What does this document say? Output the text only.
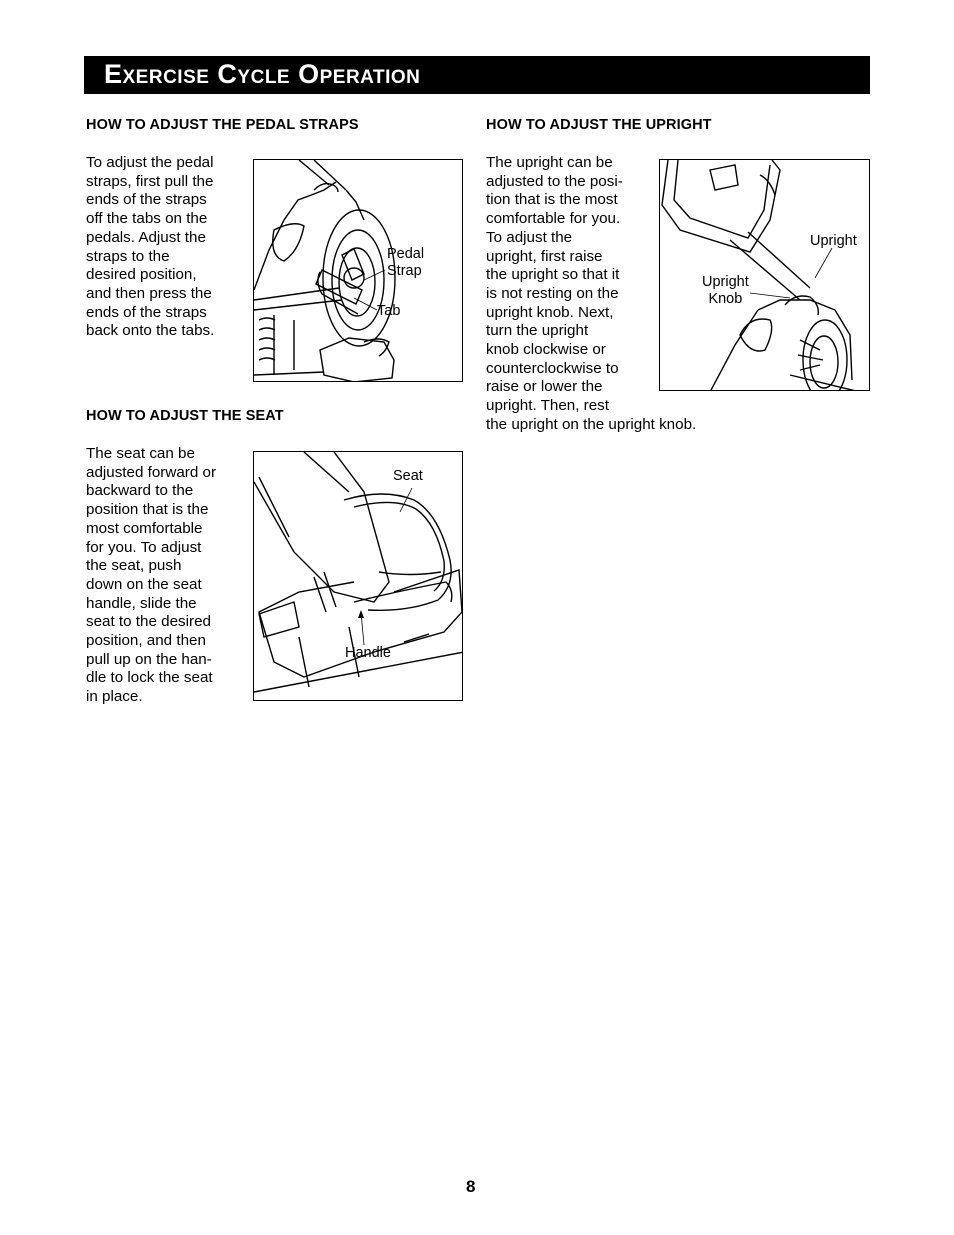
Exercise Cycle Operation
HOW TO ADJUST THE PEDAL STRAPS
To adjust the pedal
straps, first pull the
ends of the straps
off the tabs on the
pedals. Adjust the
straps to the
desired position,
and then press the
ends of the straps
back onto the tabs.
Pedal
Strap
Tab
HOW TO ADJUST THE SEAT
The seat can be
adjusted forward or
backward to the
position that is the
most comfortable
for you. To adjust
the seat, push
down on the seat
handle, slide the
seat to the desired
position, and then
pull up on the han-
dle to lock the seat
in place.
Seat
Handle
HOW TO ADJUST THE UPRIGHT
The upright can be
adjusted to the posi-
tion that is the most
comfortable for you.
To adjust the
upright, first raise
the upright so that it
is not resting on the
upright knob. Next,
turn the upright
knob clockwise or
counterclockwise to
raise or lower the
upright. Then, rest
the upright on the upright knob.
Upright
Upright
Knob
8
